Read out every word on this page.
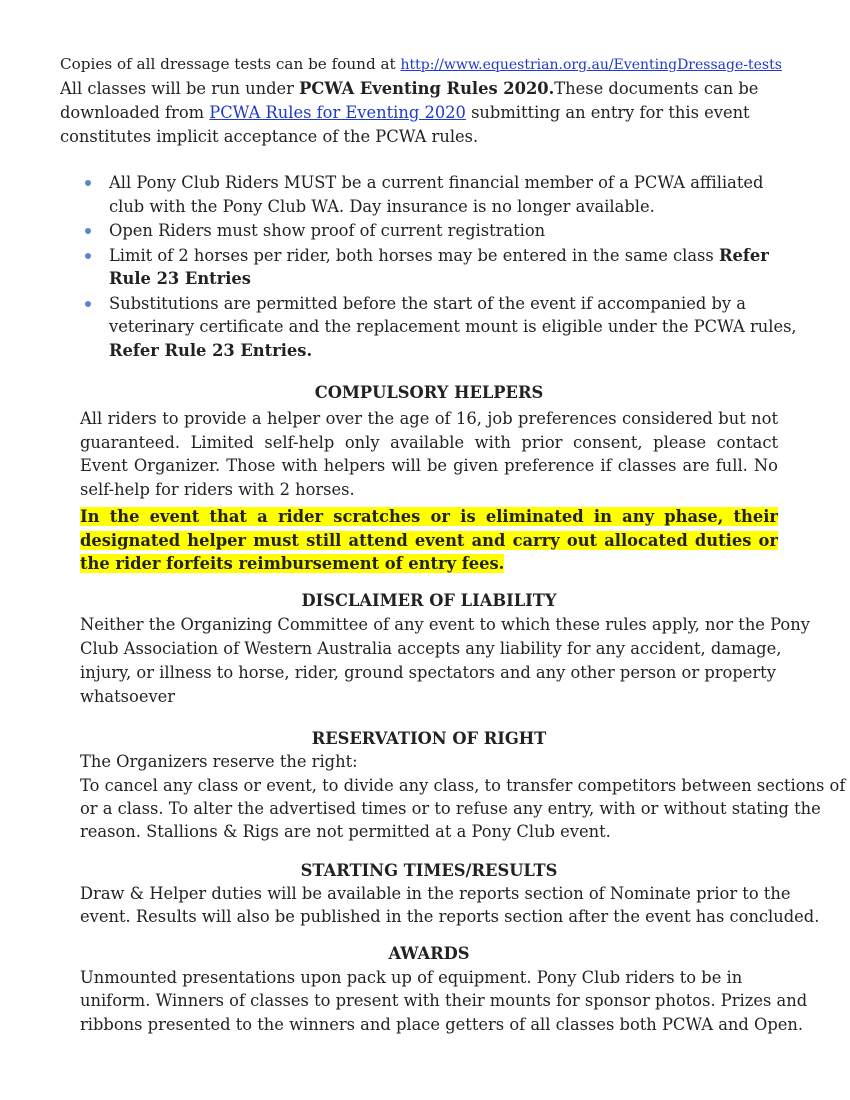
Copies of all dressage tests can be found at http://www.equestrian.org.au/EventingDressage-tests
All classes will be run under PCWA Eventing Rules 2020.These documents can be
downloaded from PCWA Rules for Eventing 2020 submitting an entry for this event
constitutes implicit acceptance of the PCWA rules.
All Pony Club Riders MUST be a current financial member of a PCWA affiliated club with the Pony Club WA. Day insurance is no longer available.
Open Riders must show proof of current registration
Limit of 2 horses per rider, both horses may be entered in the same class Refer Rule 23 Entries
Substitutions are permitted before the start of the event if accompanied by a veterinary certificate and the replacement mount is eligible under the PCWA rules, Refer Rule 23 Entries.
COMPULSORY HELPERS
All riders to provide a helper over the age of 16, job preferences considered but not guaranteed. Limited self-help only available with prior consent, please contact Event Organizer. Those with helpers will be given preference if classes are full. No self-help for riders with 2 horses.
In the event that a rider scratches or is eliminated in any phase, their designated helper must still attend event and carry out allocated duties or the rider forfeits reimbursement of entry fees.
DISCLAIMER OF LIABILITY
Neither the Organizing Committee of any event to which these rules apply, nor the Pony
Club Association of Western Australia accepts any liability for any accident, damage,
injury, or illness to horse, rider, ground spectators and any other person or property
whatsoever
RESERVATION OF RIGHT
The Organizers reserve the right:
To cancel any class or event, to divide any class, to transfer competitors between sections of
or a class. To alter the advertised times or to refuse any entry, with or without stating the
reason. Stallions & Rigs are not permitted at a Pony Club event.
STARTING TIMES/RESULTS
Draw & Helper duties will be available in the reports section of Nominate prior to the
event. Results will also be published in the reports section after the event has concluded.
AWARDS
Unmounted presentations upon pack up of equipment. Pony Club riders to be in
uniform. Winners of classes to present with their mounts for sponsor photos. Prizes and
ribbons presented to the winners and place getters of all classes both PCWA and Open.
